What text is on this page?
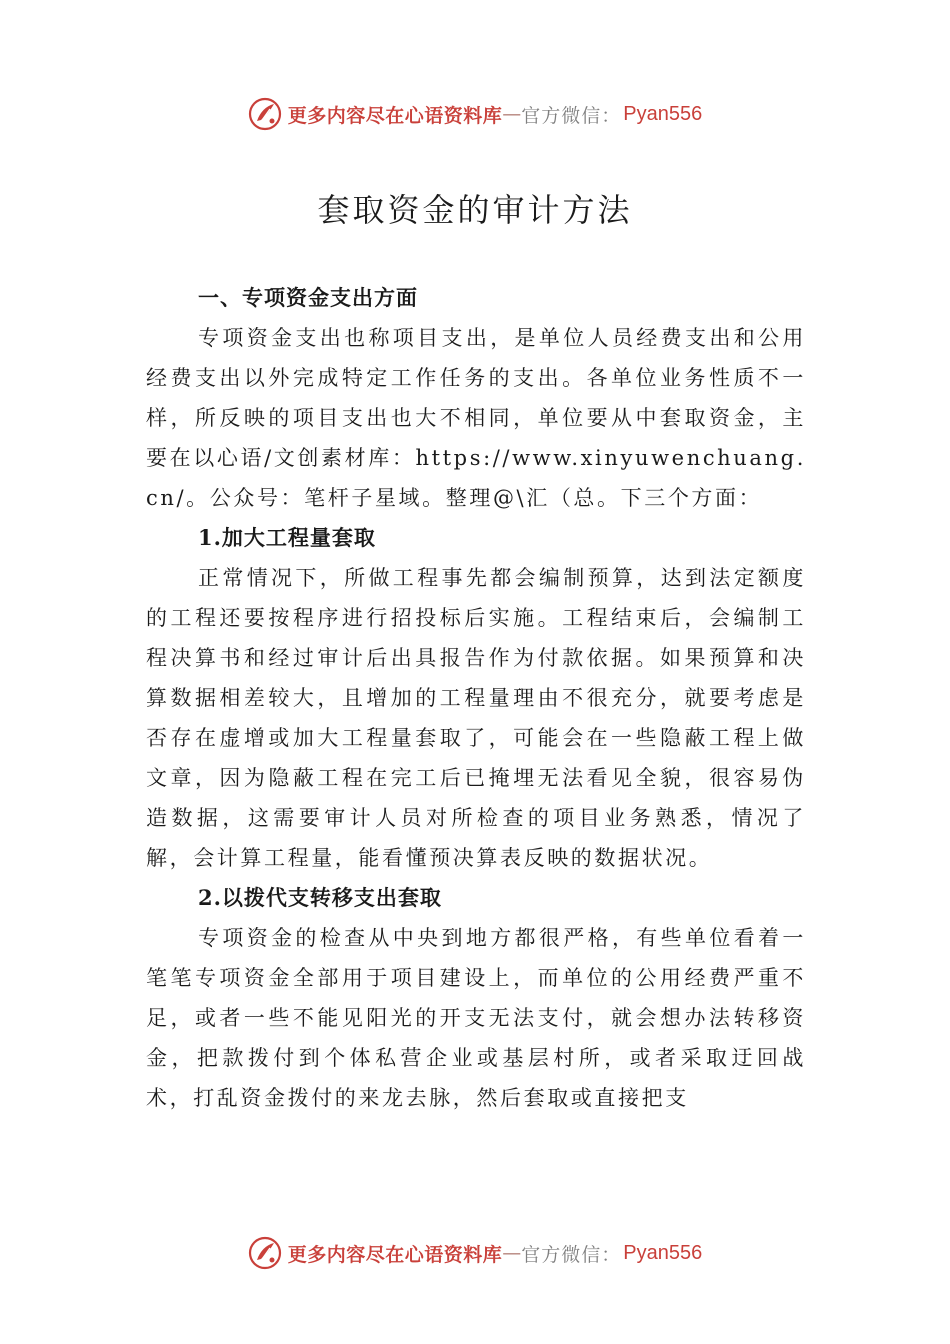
更多内容尽在心语资料库 — 官方微信： Pyan556
套取资金的审计方法

一、专项资金支出方面

专项资金支出也称项目支出，是单位人员经费支出和公用经费支出以外完成特定工作任务的支出。各单位业务性质不一样，所反映的项目支出也大不相同，单位要从中套取资金，主要在以心语/文创素材库：https://www.xinyuwenchuang.cn/。公众号：笔杆子星域。整理@\汇（总。下三个方面：

1.加大工程量套取

正常情况下，所做工程事先都会编制预算，达到法定额度的工程还要按程序进行招投标后实施。工程结束后，会编制工程决算书和经过审计后出具报告作为付款依据。如果预算和决算数据相差较大，且增加的工程量理由不很充分，就要考虑是否存在虚增或加大工程量套取了，可能会在一些隐蔽工程上做文章，因为隐蔽工程在完工后已掩埋无法看见全貌，很容易伪造数据，这需要审计人员对所检查的项目业务熟悉，情况了解，会计算工程量，能看懂预决算表反映的数据状况。

2.以拨代支转移支出套取

专项资金的检查从中央到地方都很严格，有些单位看着一笔笔专项资金全部用于项目建设上，而单位的公用经费严重不足，或者一些不能见阳光的开支无法支付，就会想办法转移资金，把款拨付到个体私营企业或基层村所，或者采取迂回战术，打乱资金拨付的来龙去脉，然后套取或直接把支

更多内容尽在心语资料库 — 官方微信： Pyan556
